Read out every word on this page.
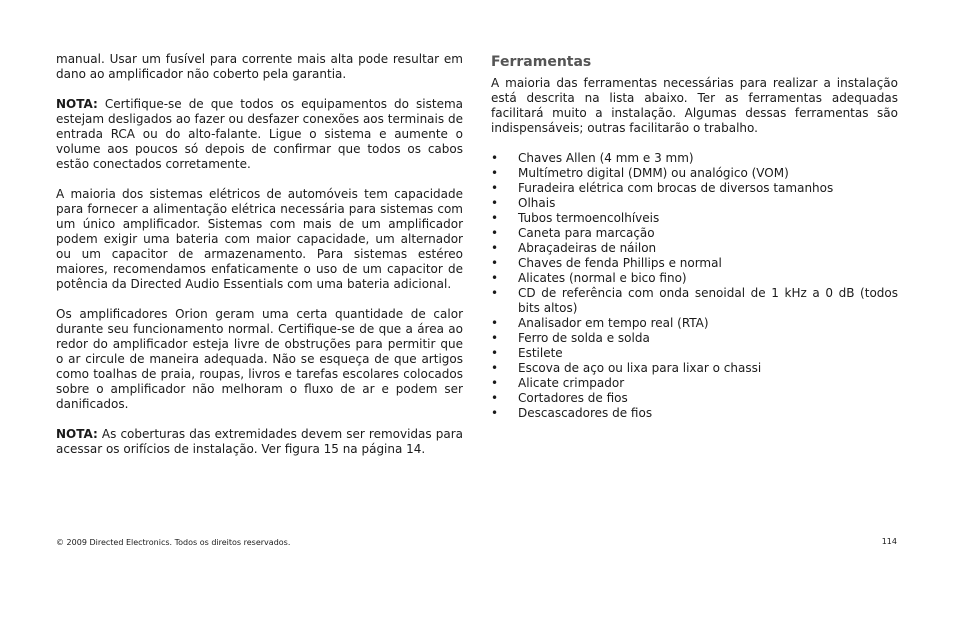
manual. Usar um fusível para corrente mais alta pode resultar em dano ao amplificador não coberto pela garantia.

NOTA: Certifique-se de que todos os equipamentos do sistema estejam desligados ao fazer ou desfazer conexões aos terminais de entrada RCA ou do alto-falante. Ligue o sistema e aumente o volume aos poucos só depois de confirmar que todos os cabos estão conectados corretamente.

A maioria dos sistemas elétricos de automóveis tem capacidade para fornecer a alimentação elétrica necessária para sistemas com um único amplificador. Sistemas com mais de um amplificador podem exigir uma bateria com maior capacidade, um alternador ou um capacitor de armazenamento. Para sistemas estéreo maiores, recomendamos enfaticamente o uso de um capacitor de potência da Directed Audio Essentials com uma bateria adicional.

Os amplificadores Orion geram uma certa quantidade de calor durante seu funcionamento normal. Certifique-se de que a área ao redor do amplificador esteja livre de obstruções para permitir que o ar circule de maneira adequada. Não se esqueça de que artigos como toalhas de praia, roupas, livros e tarefas escolares colocados sobre o amplificador não melhoram o fluxo de ar e podem ser danificados.

NOTA: As coberturas das extremidades devem ser removidas para acessar os orifícios de instalação. Ver figura 15 na página 14.

Ferramentas

A maioria das ferramentas necessárias para realizar a instalação está descrita na lista abaixo. Ter as ferramentas adequadas facilitará muito a instalação. Algumas dessas ferramentas são indispensáveis; outras facilitarão o trabalho.

• Chaves Allen (4 mm e 3 mm)
• Multímetro digital (DMM) ou analógico (VOM)
• Furadeira elétrica com brocas de diversos tamanhos
• Olhais
• Tubos termoencolhíveis
• Caneta para marcação
• Abraçadeiras de náilon
• Chaves de fenda Phillips e normal
• Alicates (normal e bico fino)
• CD de referência com onda senoidal de 1 kHz a 0 dB (todos bits altos)
• Analisador em tempo real (RTA)
• Ferro de solda e solda
• Estilete
• Escova de aço ou lixa para lixar o chassi
• Alicate crimpador
• Cortadores de fios
• Descascadores de fios
© 2009 Directed Electronics. Todos os direitos reservados.	114
